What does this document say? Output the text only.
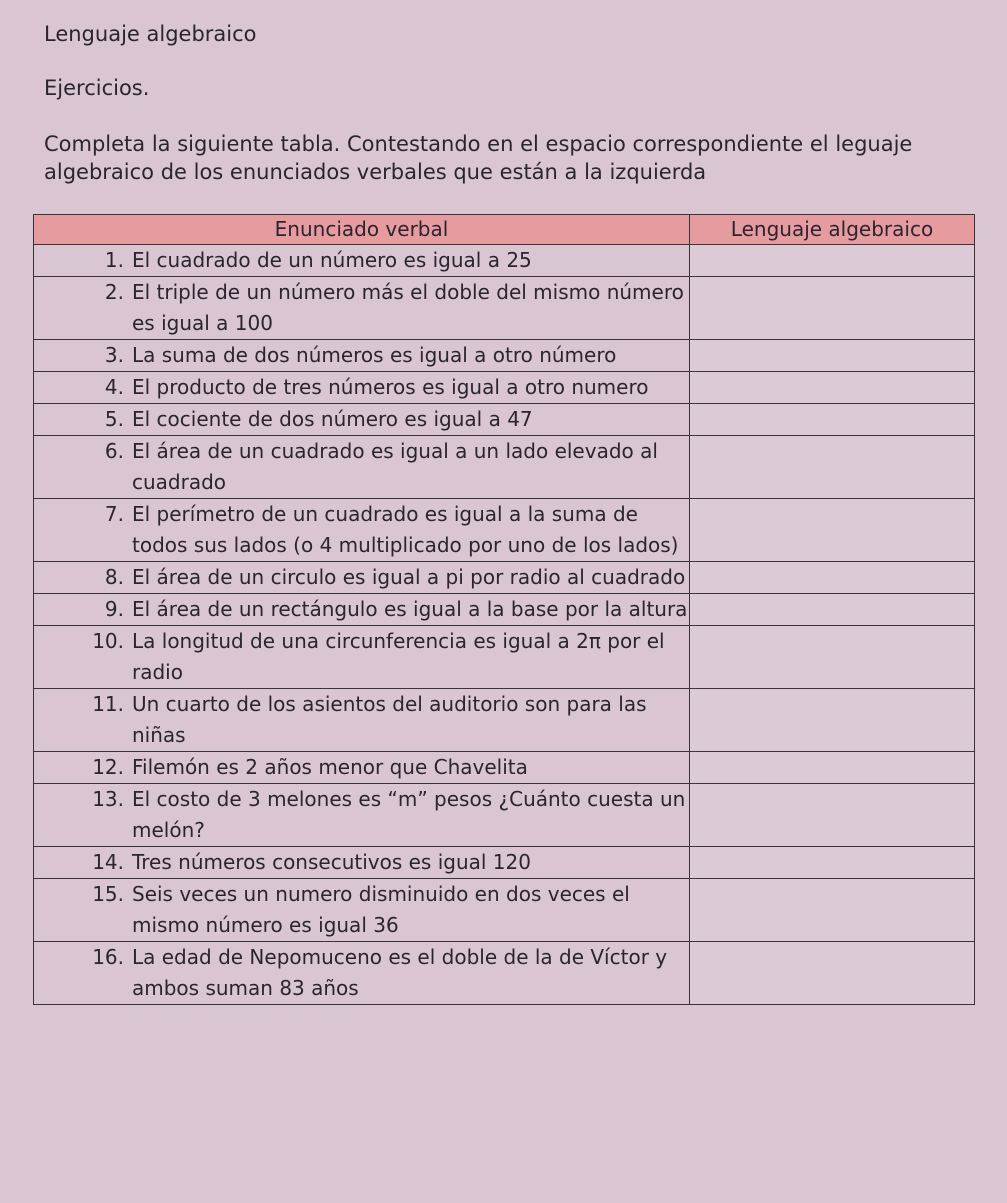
Lenguaje algebraico
Ejercicios.
Completa la siguiente tabla. Contestando en el espacio correspondiente el leguaje algebraico de los enunciados verbales que están a la izquierda
Enunciado verbal	Lenguaje algebraico

1. El cuadrado de un número es igual a 25	

2. El triple de un número más el doble del mismo número es igual a 100	

3. La suma de dos números es igual a otro número	

4. El producto de tres números es igual a otro numero	

5. El cociente de dos número es igual a 47	

6. El área de un cuadrado es igual a un lado elevado al cuadrado	

7. El perímetro de un cuadrado es igual a la suma de todos sus lados (o 4 multiplicado por uno de los lados)	

8. El área de un circulo es igual a pi por radio al cuadrado	

9. El área de un rectángulo es igual a la base por la altura	

10. La longitud de una circunferencia es igual a 2π por el radio	

11. Un cuarto de los asientos del auditorio son para las niñas	

12. Filemón es 2 años menor que Chavelita	

13. El costo de 3 melones es “m” pesos ¿Cuánto cuesta un melón?	

14. Tres números consecutivos es igual 120	

15. Seis veces un numero disminuido en dos veces el mismo número es igual 36	

16. La edad de Nepomuceno es el doble de la de Víctor y ambos suman 83 años	
